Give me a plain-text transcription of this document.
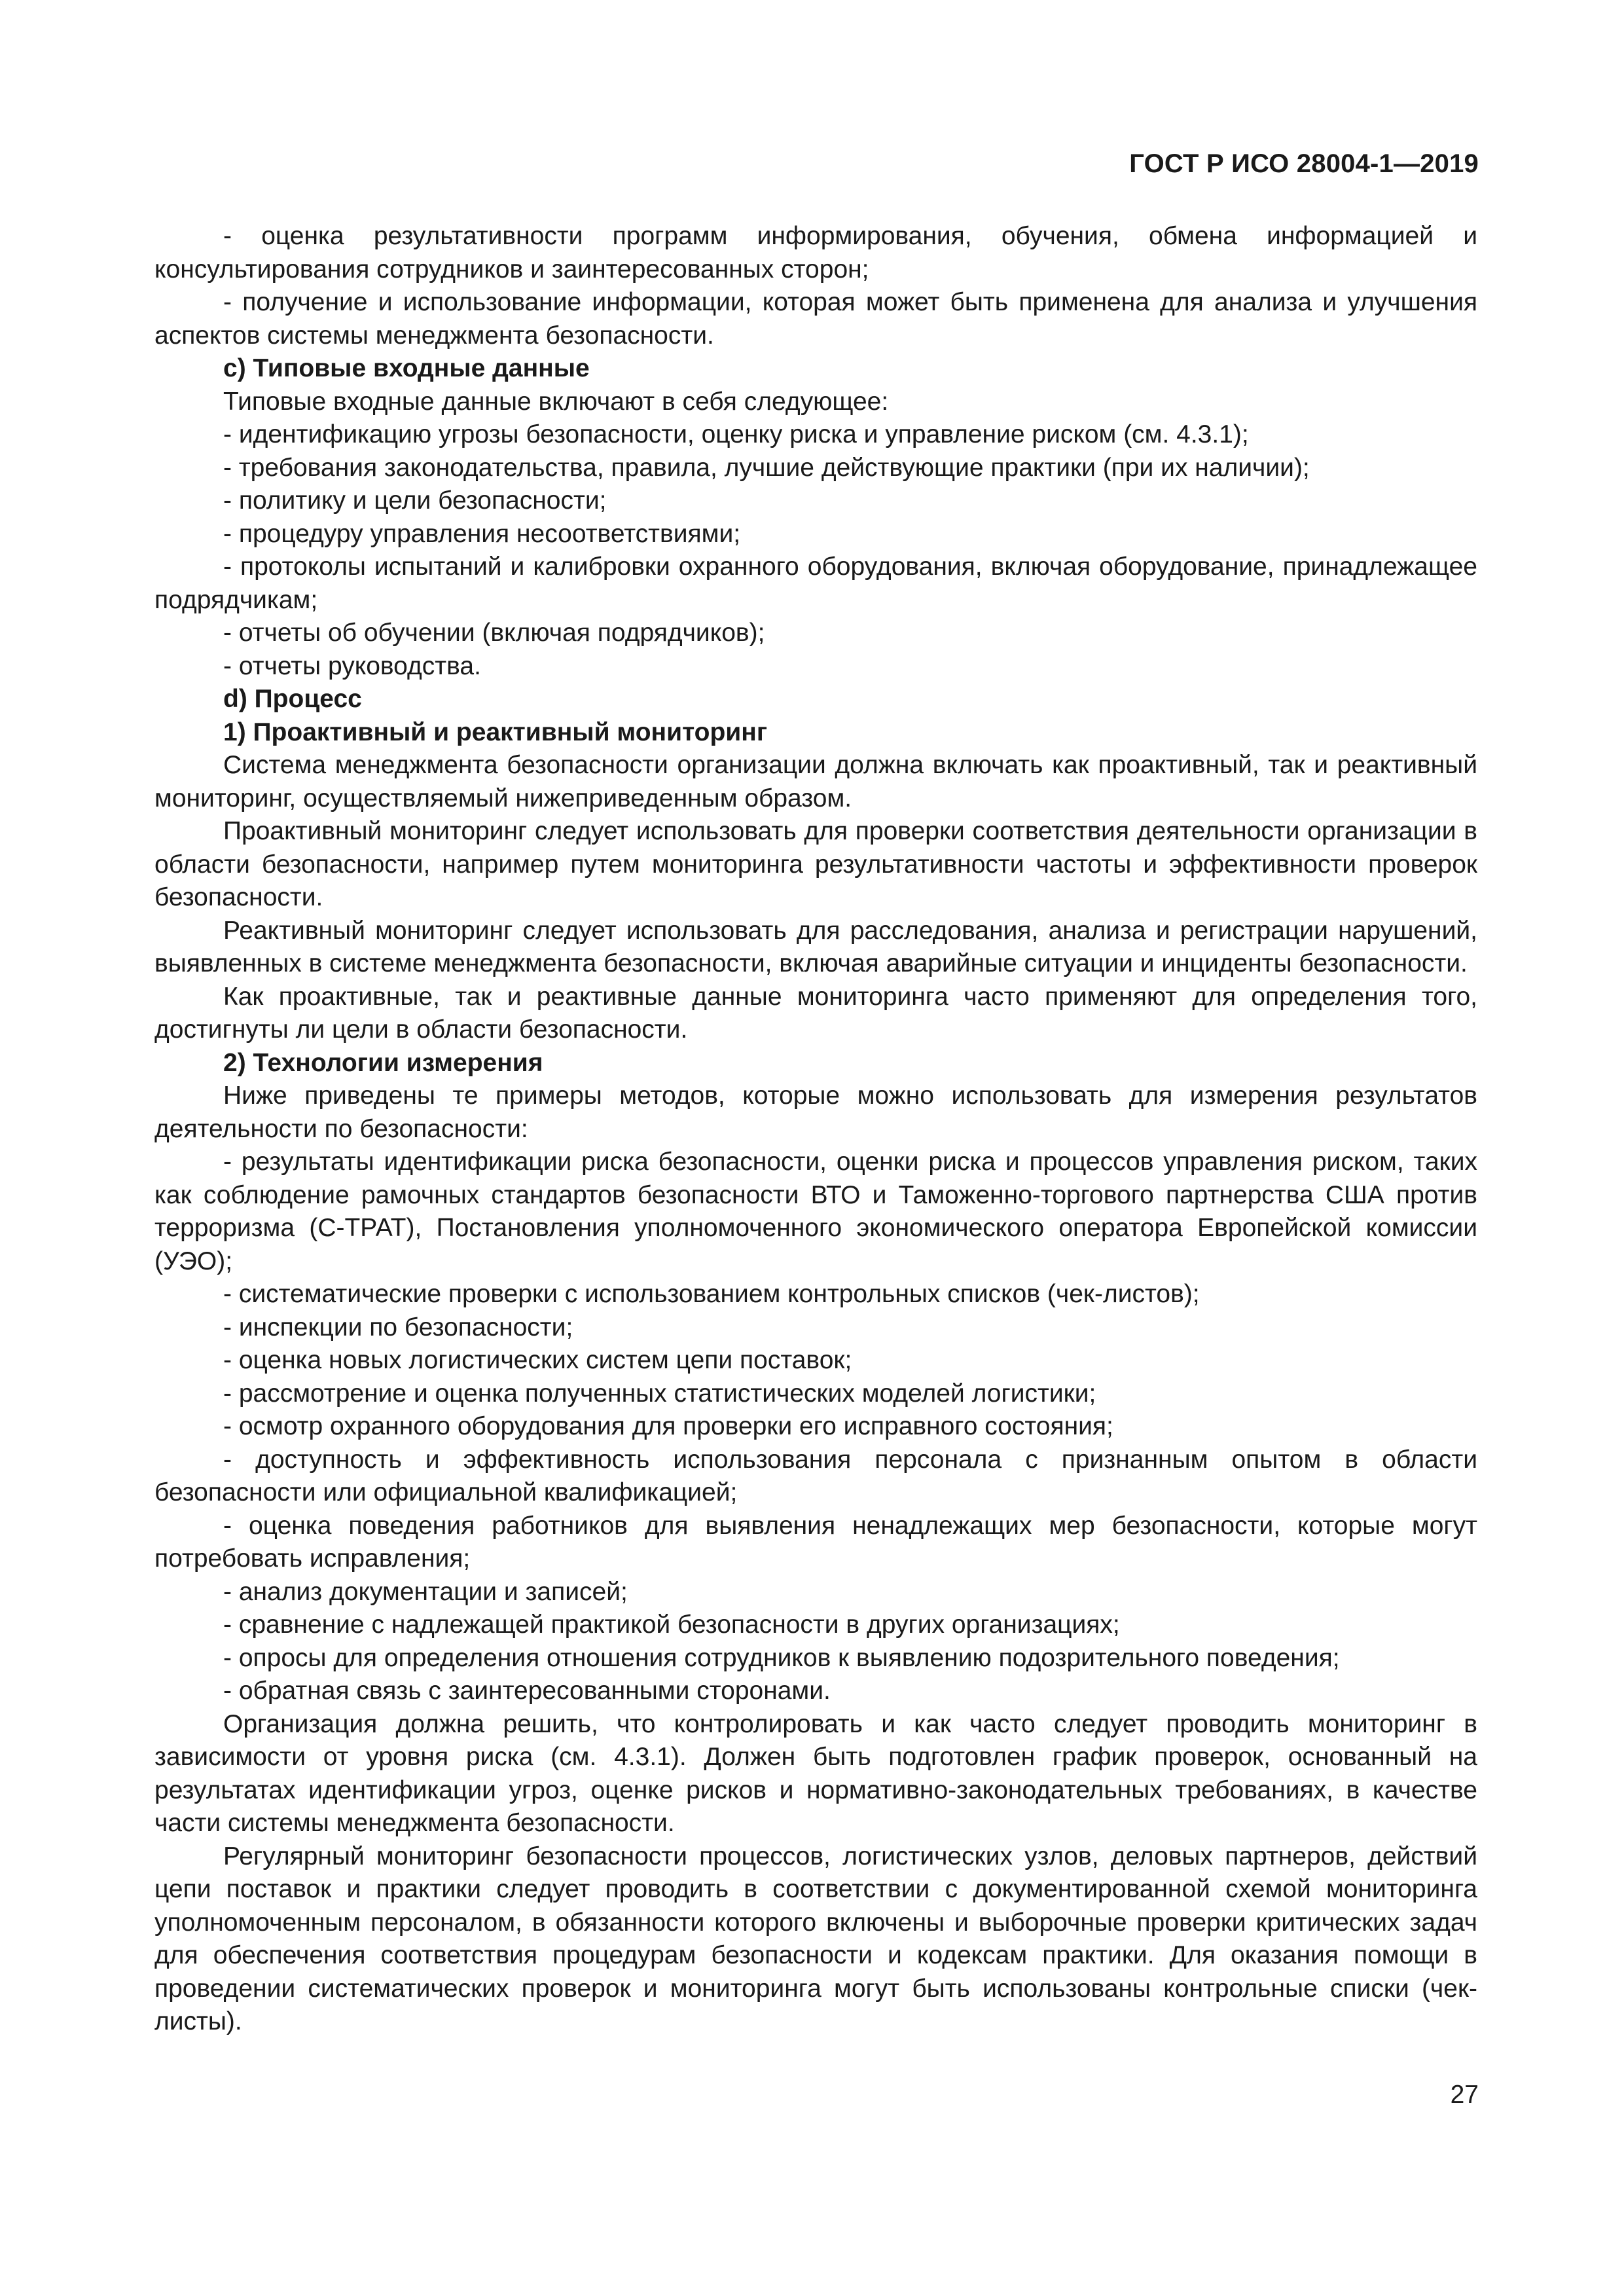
ГОСТ Р ИСО 28004-1—2019

- оценка результативности программ информирования, обучения, обмена информацией и консультирования сотрудников и заинтересованных сторон;

- получение и использование информации, которая может быть применена для анализа и улучшения аспектов системы менеджмента безопасности.

c) Типовые входные данные

Типовые входные данные включают в себя следующее:

- идентификацию угрозы безопасности, оценку риска и управление риском (см. 4.3.1);

- требования законодательства, правила, лучшие действующие практики (при их наличии);

- политику и цели безопасности;

- процедуру управления несоответствиями;

- протоколы испытаний и калибровки охранного оборудования, включая оборудование, принадлежащее подрядчикам;

- отчеты об обучении (включая подрядчиков);

- отчеты руководства.

d) Процесс

1) Проактивный и реактивный мониторинг

Система менеджмента безопасности организации должна включать как проактивный, так и реактивный мониторинг, осуществляемый нижеприведенным образом.

Проактивный мониторинг следует использовать для проверки соответствия деятельности организации в области безопасности, например путем мониторинга результативности частоты и эффективности проверок безопасности.

Реактивный мониторинг следует использовать для расследования, анализа и регистрации нарушений, выявленных в системе менеджмента безопасности, включая аварийные ситуации и инциденты безопасности.

Как проактивные, так и реактивные данные мониторинга часто применяют для определения того, достигнуты ли цели в области безопасности.

2) Технологии измерения

Ниже приведены те примеры методов, которые можно использовать для измерения результатов деятельности по безопасности:

- результаты идентификации риска безопасности, оценки риска и процессов управления риском, таких как соблюдение рамочных стандартов безопасности ВТО и Таможенно-торгового партнерства США против терроризма (С-ТРАТ), Постановления уполномоченного экономического оператора Европейской комиссии (УЭО);

- систематические проверки с использованием контрольных списков (чек-листов);

- инспекции по безопасности;

- оценка новых логистических систем цепи поставок;

- рассмотрение и оценка полученных статистических моделей логистики;

- осмотр охранного оборудования для проверки его исправного состояния;

- доступность и эффективность использования персонала с признанным опытом в области безопасности или официальной квалификацией;

- оценка поведения работников для выявления ненадлежащих мер безопасности, которые могут потребовать исправления;

- анализ документации и записей;

- сравнение с надлежащей практикой безопасности в других организациях;

- опросы для определения отношения сотрудников к выявлению подозрительного поведения;

- обратная связь с заинтересованными сторонами.

Организация должна решить, что контролировать и как часто следует проводить мониторинг в зависимости от уровня риска (см. 4.3.1). Должен быть подготовлен график проверок, основанный на результатах идентификации угроз, оценке рисков и нормативно-законодательных требованиях, в качестве части системы менеджмента безопасности.

Регулярный мониторинг безопасности процессов, логистических узлов, деловых партнеров, действий цепи поставок и практики следует проводить в соответствии с документированной схемой мониторинга уполномоченным персоналом, в обязанности которого включены и выборочные проверки критических задач для обеспечения соответствия процедурам безопасности и кодексам практики. Для оказания помощи в проведении систематических проверок и мониторинга могут быть использованы контрольные списки (чек-листы).

27
